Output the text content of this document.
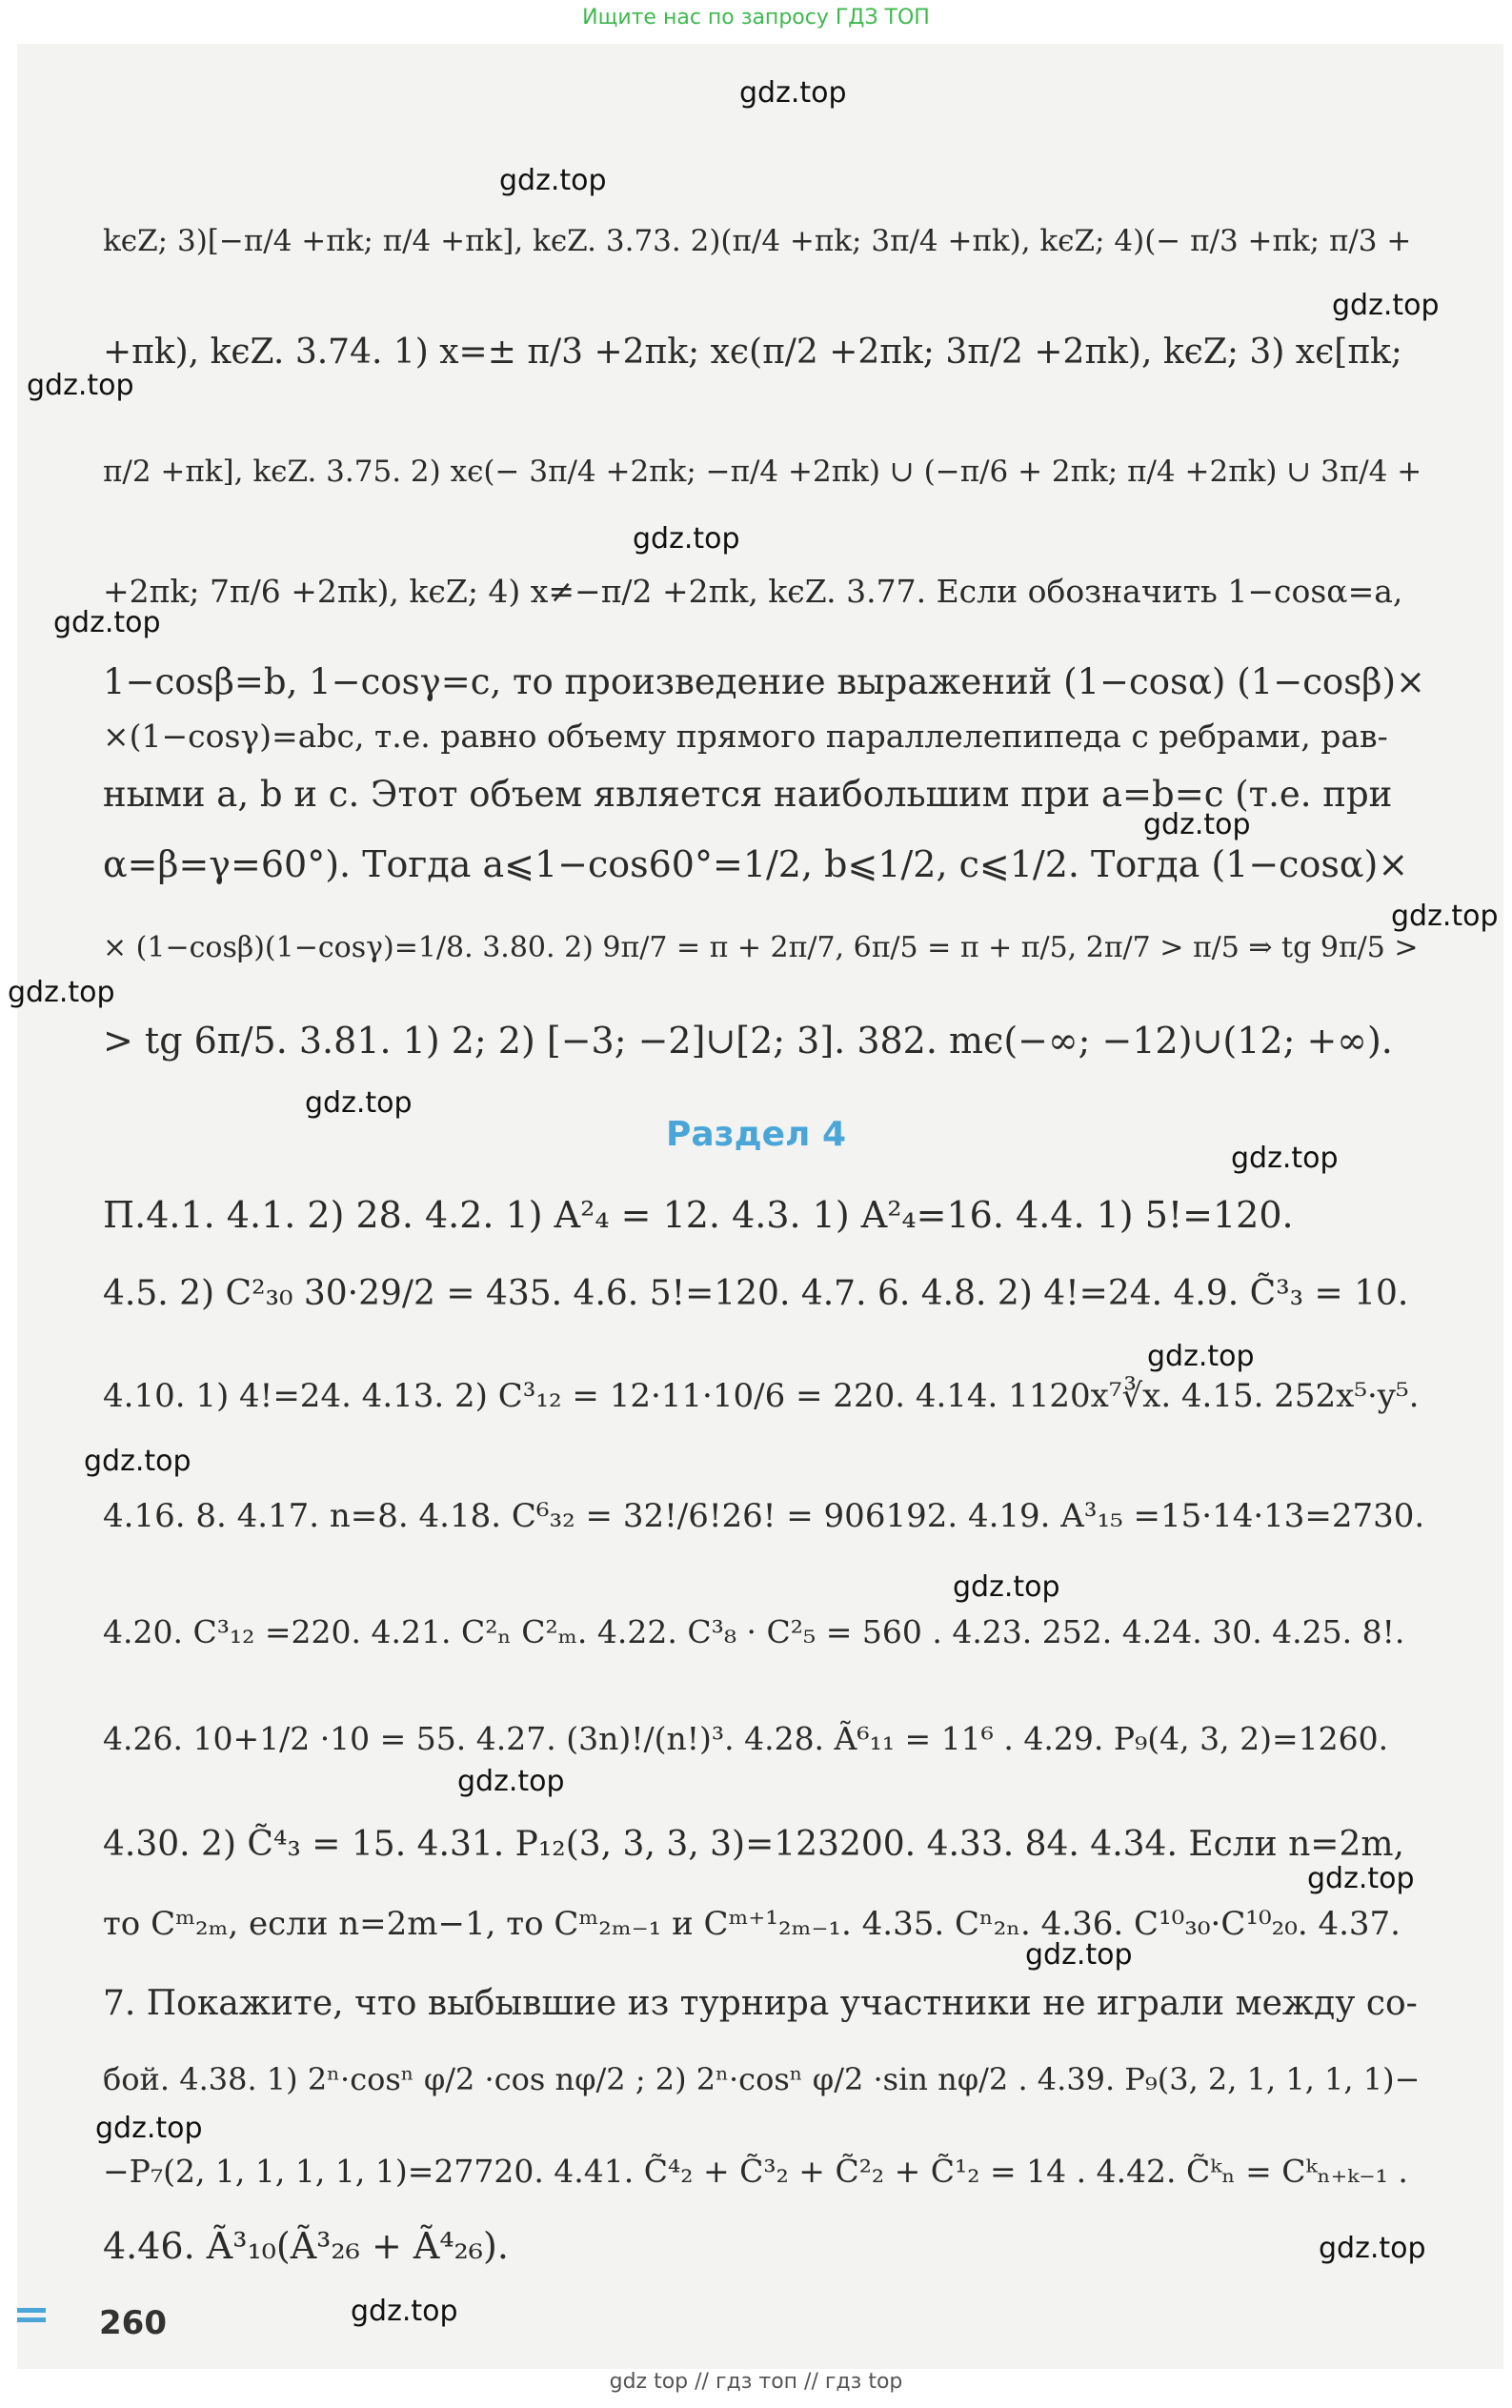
Ищите нас по запросу ГДЗ ТОП
gdz.top
gdz.top
gdz.top
gdz.top
gdz.top
gdz.top
gdz.top
gdz.top
gdz.top
gdz.top
gdz.top
gdz.top
gdz.top
gdz.top
gdz.top
gdz.top
gdz.top
gdz.top
gdz.top
gdz.top
kϵZ; 3)[−π/4 +πk; π/4 +πk], kϵZ. 3.73. 2)(π/4 +πk; 3π/4 +πk), kϵZ; 4)(− π/3 +πk; π/3 +
+πk), kϵZ. 3.74. 1) x=± π/3 +2πk; xϵ(π/2 +2πk; 3π/2 +2πk), kϵZ; 3) xϵ[πk;
π/2 +πk], kϵZ. 3.75. 2) xϵ(− 3π/4 +2πk; −π/4 +2πk) ∪ (−π/6 + 2πk; π/4 +2πk) ∪ 3π/4 +
+2πk; 7π/6 +2πk), kϵZ; 4) x≠−π/2 +2πk, kϵZ. 3.77. Если обозначить 1−cosα=a,
1−cosβ=b, 1−cosγ=c, то произведение выражений (1−cosα) (1−cosβ)×
×(1−cosγ)=abc, т.е. равно объему прямого параллелепипеда с ребрами, рав-
ными a, b и c. Этот объем является наибольшим при a=b=c (т.е. при
α=β=γ=60°). Тогда a⩽1−cos60°=1/2, b⩽1/2, c⩽1/2. Тогда (1−cosα)×
× (1−cosβ)(1−cosγ)=1/8. 3.80. 2) 9π/7 = π + 2π/7, 6π/5 = π + π/5, 2π/7 > π/5 ⇒ tg 9π/5 >
> tg 6π/5. 3.81. 1) 2; 2) [−3; −2]∪[2; 3]. 382. mϵ(−∞; −12)∪(12; +∞).
Раздел 4
П.4.1. 4.1. 2) 28. 4.2. 1) A²₄ = 12. 4.3. 1) A²₄=16. 4.4. 1) 5!=120.
4.5. 2) C²₃₀ 30·29/2 = 435. 4.6. 5!=120. 4.7. 6. 4.8. 2) 4!=24. 4.9. C̃³₃ = 10.
4.10. 1) 4!=24. 4.13. 2) C³₁₂ = 12·11·10/6 = 220. 4.14. 1120x⁷∛x. 4.15. 252x⁵·y⁵.
4.16. 8. 4.17. n=8. 4.18. C⁶₃₂ = 32!/6!26! = 906192. 4.19. A³₁₅ =15·14·13=2730.
4.20. C³₁₂ =220. 4.21. C²ₙ C²ₘ. 4.22. C³₈ · C²₅ = 560 . 4.23. 252. 4.24. 30. 4.25. 8!.
4.26. 10+1/2 ·10 = 55. 4.27. (3n)!/(n!)³. 4.28. Ã⁶₁₁ = 11⁶ . 4.29. P₉(4, 3, 2)=1260.
4.30. 2) C̃⁴₃ = 15. 4.31. P₁₂(3, 3, 3, 3)=123200. 4.33. 84. 4.34. Если n=2m,
то Cᵐ₂ₘ, если n=2m−1, то Cᵐ₂ₘ₋₁ и Cᵐ⁺¹₂ₘ₋₁. 4.35. Cⁿ₂ₙ. 4.36. C¹⁰₃₀·C¹⁰₂₀. 4.37.
7. Покажите, что выбывшие из турнира участники не играли между со-
бой. 4.38. 1) 2ⁿ·cosⁿ φ/2 ·cos nφ/2 ; 2) 2ⁿ·cosⁿ φ/2 ·sin nφ/2 . 4.39. P₉(3, 2, 1, 1, 1, 1)−
−P₇(2, 1, 1, 1, 1, 1)=27720. 4.41. C̃⁴₂ + C̃³₂ + C̃²₂ + C̃¹₂ = 14 . 4.42. C̃ᵏₙ = Cᵏₙ₊ₖ₋₁ .
4.46. Ã³₁₀(Ã³₂₆ + Ã⁴₂₆).
260
gdz top // гдз топ // гдз top
